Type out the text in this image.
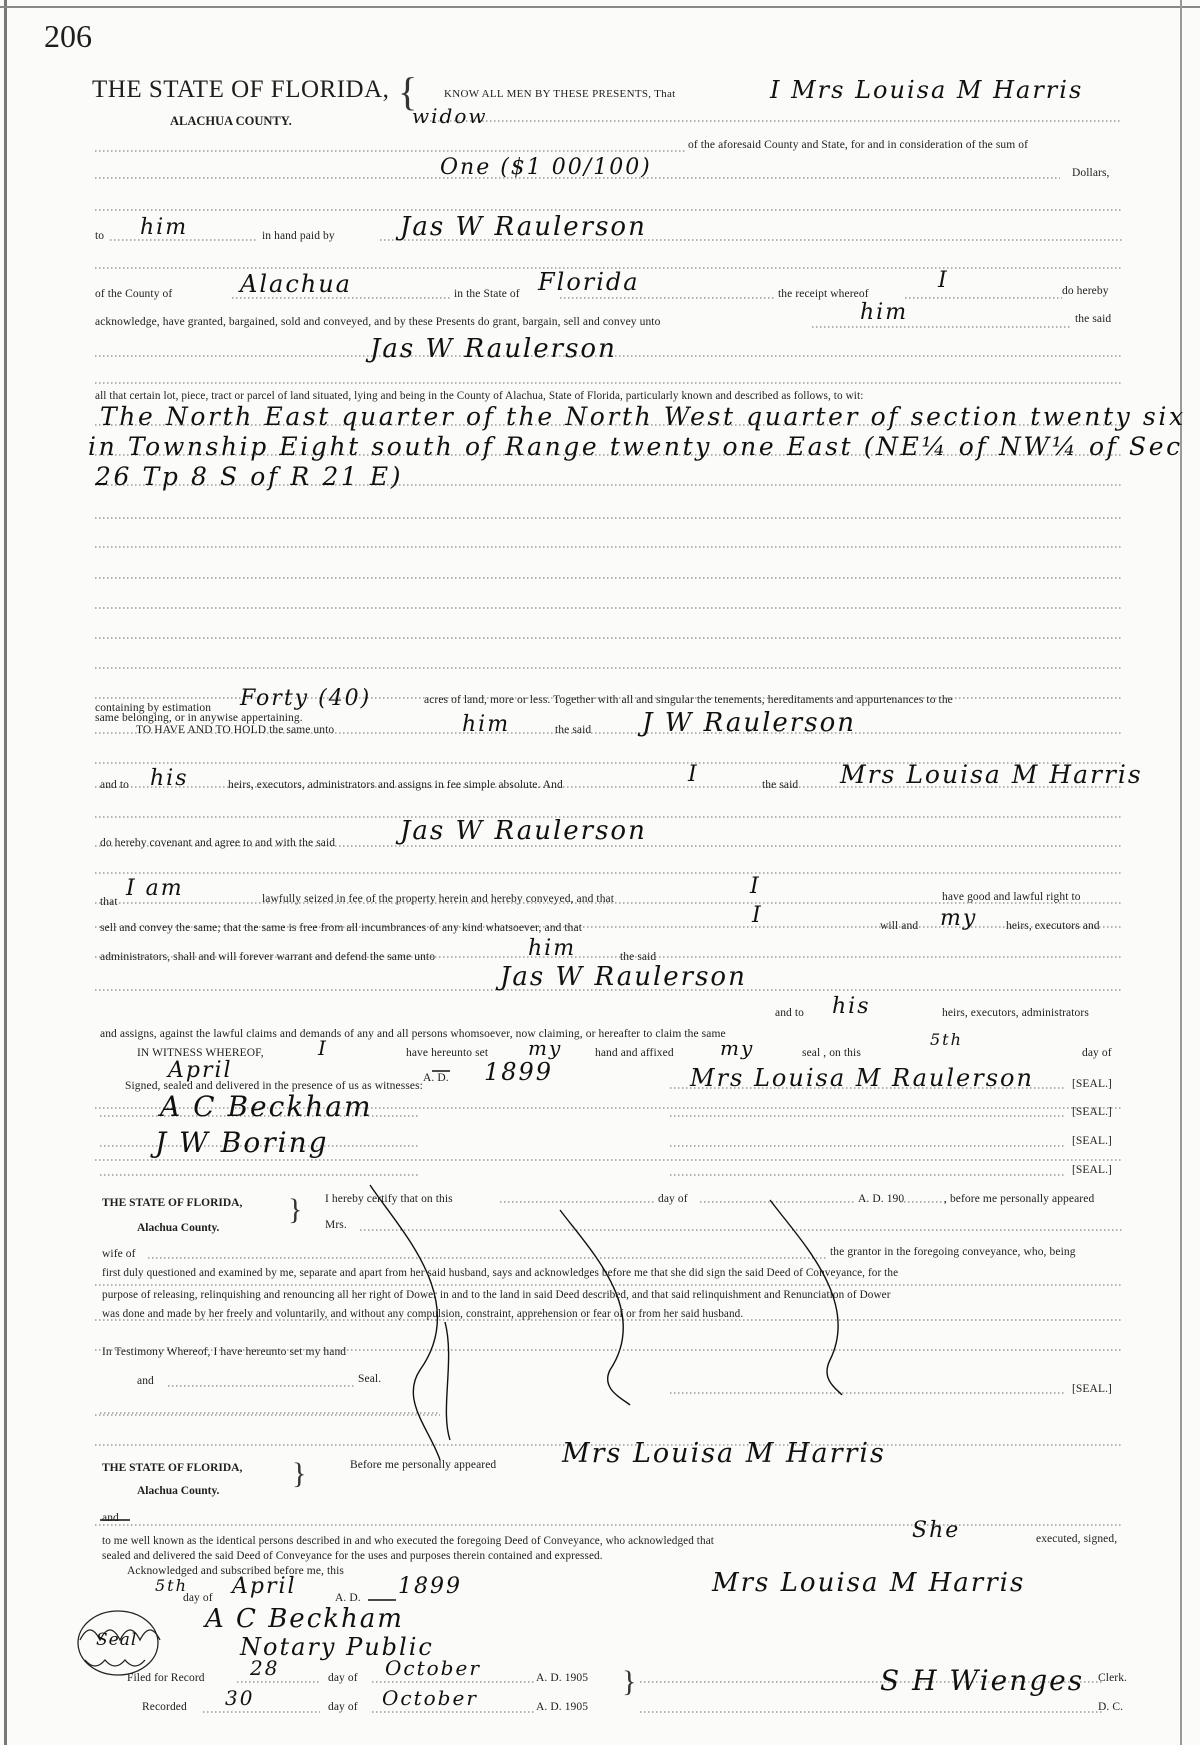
206
THE STATE OF FLORIDA,
ALACHUA COUNTY.
{ KNOW ALL MEN BY THESE PRESENTS, That	I Mrs Louisa M Harris
widow
of the aforesaid County and State, for and in consideration of the sum of
One ($1 00/100)	Dollars,
to him	in hand paid by	Jas W Raulerson
of the County of	Alachua	in the State of Florida	the receipt whereof
I	do hereby
acknowledge, have granted, bargained, sold and conveyed, and by these Presents do grant, bargain, sell and convey unto	him	the said
Jas W Raulerson
all that certain lot, piece, tract or parcel of land situated, lying and being in the County of Alachua, State of Florida, particularly known and described as follows, to wit:
The North East quarter of the North West quarter of section twenty six
in Township Eight south of Range twenty one East (NE¼ of NW¼ of Sec
26 Tp 8 S of R 21 E)
containing by estimation Forty (40)	acres of land, more or less. Together with all and singular the tenements, hereditaments and appurtenances to the
same belonging, or in anywise appertaining.
TO HAVE AND TO HOLD the same unto	him	the said J W Raulerson
and to his	heirs, executors, administrators and assigns in fee simple absolute. And	I	the said Mrs Louisa M Harris
do hereby covenant and agree to and with the said Jas W Raulerson
that
I am	lawfully seized in fee of the property herein and hereby conveyed, and that	I	have good and lawful right to
sell and convey the same; that the same is free from all incumbrances of any kind whatsoever, and that	I	will and my heirs, executors and
administrators, shall and will forever warrant and defend the same unto	him	the said
Jas W Raulerson
and to his	heirs, executors, administrators
and assigns, against the lawful claims and demands of any and all persons whomsoever, now claiming, or hereafter to claim the same
IN WITNESS WHEREOF,	I	have hereunto set my	hand and affixed my	seal , on this
5th
day of
April	A. D. 1899
Signed, sealed and delivered in the presence of us as witnesses:	Mrs Louisa M Raulerson	[SEAL.]
[SEAL.]
[SEAL.]
[SEAL.]
A C Beckham
J W Boring
THE STATE OF FLORIDA,
Alachua County.
} I hereby certify that on this	day of	A. D. 190	, before me personally appeared
Mrs.
wife of	the grantor in the foregoing conveyance, who, being
first duly questioned and examined by me, separate and apart from her said husband, says and acknowledges before me that she did sign the said Deed of Conveyance, for the
purpose of releasing, relinquishing and renouncing all her right of Dower in and to the land in said Deed described, and that said relinquishment and Renunciation of Dower
was done and made by her freely and voluntarily, and without any compulsion, constraint, apprehension or fear of or from her said husband.
In Testimony Whereof, I have hereunto set my hand
and	Seal.
[SEAL.]
THE STATE OF FLORIDA,
Alachua County.
}	Before me personally appeared Mrs Louisa M Harris
and
to me well known as the identical persons described in and who executed the foregoing Deed of Conveyance, who acknowledged that	She	executed, signed,
sealed and delivered the said Deed of Conveyance for the uses and purposes therein contained and expressed.
Acknowledged and subscribed before me, this
5th
day of April	A. D. 1899	Mrs Louisa M Harris
A C Beckham
Notary Public
Seal
Filed for Record 28	day of October	A. D. 1905
Recorded 30	day of October	A. D. 1905
}	S H Wienges Clerk.
D. C.
